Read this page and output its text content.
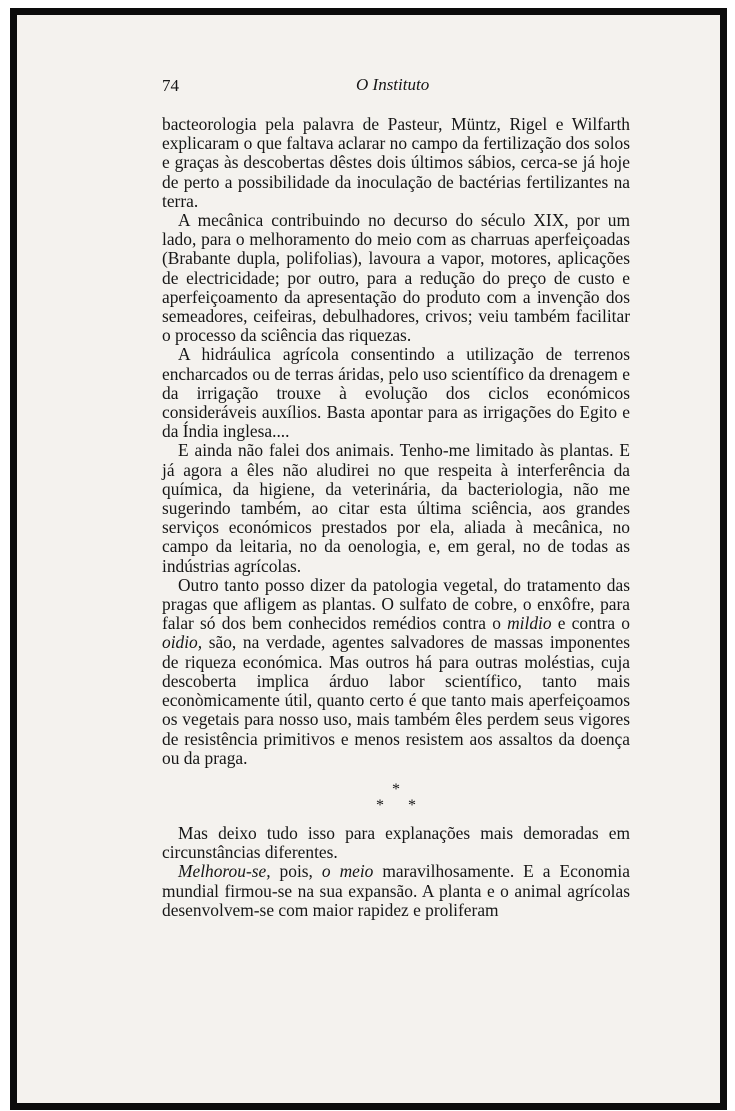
74	O Instituto

bacteorologia pela palavra de Pasteur, Müntz, Rigel e Wilfarth explicaram o que faltava aclarar no campo da fertilização dos solos e graças às descobertas dêstes dois últimos sábios, cerca-se já hoje de perto a possibilidade da inoculação de bactérias fertilizantes na terra.

A mecânica contribuindo no decurso do século XIX, por um lado, para o melhoramento do meio com as charruas aperfeiçoadas (Brabante dupla, polifolias), lavoura a vapor, motores, aplicações de electricidade; por outro, para a redução do preço de custo e aperfeiçoamento da apresentação do produto com a invenção dos semeadores, ceifeiras, debulhadores, crivos; veiu também facilitar o processo da sciência das riquezas.

A hidráulica agrícola consentindo a utilização de terrenos encharcados ou de terras áridas, pelo uso scientífico da drenagem e da irrigação trouxe à evolução dos ciclos económicos consideráveis auxílios. Basta apontar para as irrigações do Egito e da Índia inglesa....

E ainda não falei dos animais. Tenho-me limitado às plantas. E já agora a êles não aludirei no que respeita à interferência da química, da higiene, da veterinária, da bacteriologia, não me sugerindo também, ao citar esta última sciência, aos grandes serviços económicos prestados por ela, aliada à mecânica, no campo da leitaria, no da oenologia, e, em geral, no de todas as indústrias agrícolas.

Outro tanto posso dizer da patologia vegetal, do tratamento das pragas que afligem as plantas. O sulfato de cobre, o enxôfre, para falar só dos bem conhecidos remédios contra o mildio e contra o oidio, são, na verdade, agentes salvadores de massas imponentes de riqueza económica. Mas outros há para outras moléstias, cuja descoberta implica árduo labor scientífico, tanto mais econòmicamente útil, quanto certo é que tanto mais aperfeiçoamos os vegetais para nosso uso, mais também êles perdem seus vigores de resistência primitivos e menos resistem aos assaltos da doença ou da praga.

*
* *

Mas deixo tudo isso para explanações mais demoradas em circunstâncias diferentes.

Melhorou-se, pois, o meio maravilhosamente. E a Economia mundial firmou-se na sua expansão. A planta e o animal agrícolas desenvolvem-se com maior rapidez e proliferam
